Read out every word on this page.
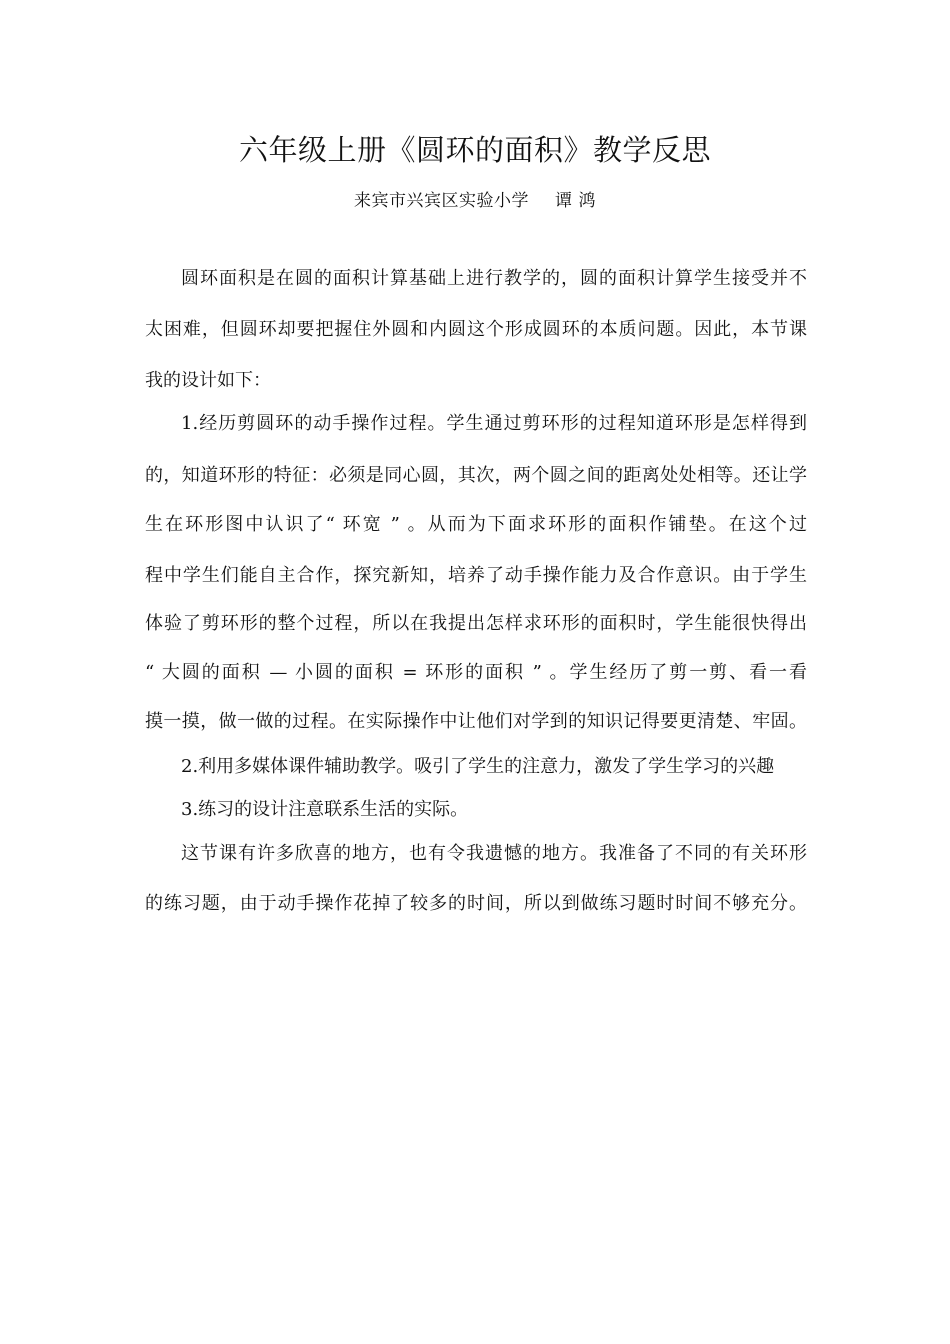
六年级上册《圆环的面积》教学反思
来宾市兴宾区实验小学 谭 鸿
圆环面积是在圆的面积计算基础上进行教学的，圆的面积计算学生接受并不
太困难，但圆环却要把握住外圆和内圆这个形成圆环的本质问题。因此，本节课
我的设计如下：
1.经历剪圆环的动手操作过程。学生通过剪环形的过程知道环形是怎样得到
的，知道环形的特征：必须是同心圆，其次，两个圆之间的距离处处相等。还让学
生在环形图中认识了“ 环宽 ” 。从而为下面求环形的面积作铺垫。在这个过
程中学生们能自主合作，探究新知，培养了动手操作能力及合作意识。由于学生
体验了剪环形的整个过程，所以在我提出怎样求环形的面积时，学生能很快得出
“ 大圆的面积 — 小圆的面积 = 环形的面积 ” 。学生经历了剪一剪、看一看
摸一摸，做一做的过程。在实际操作中让他们对学到的知识记得要更清楚、牢固。
2.利用多媒体课件辅助教学。吸引了学生的注意力，激发了学生学习的兴趣
3.练习的设计注意联系生活的实际。
这节课有许多欣喜的地方，也有令我遗憾的地方。我准备了不同的有关环形
的练习题，由于动手操作花掉了较多的时间，所以到做练习题时时间不够充分。
